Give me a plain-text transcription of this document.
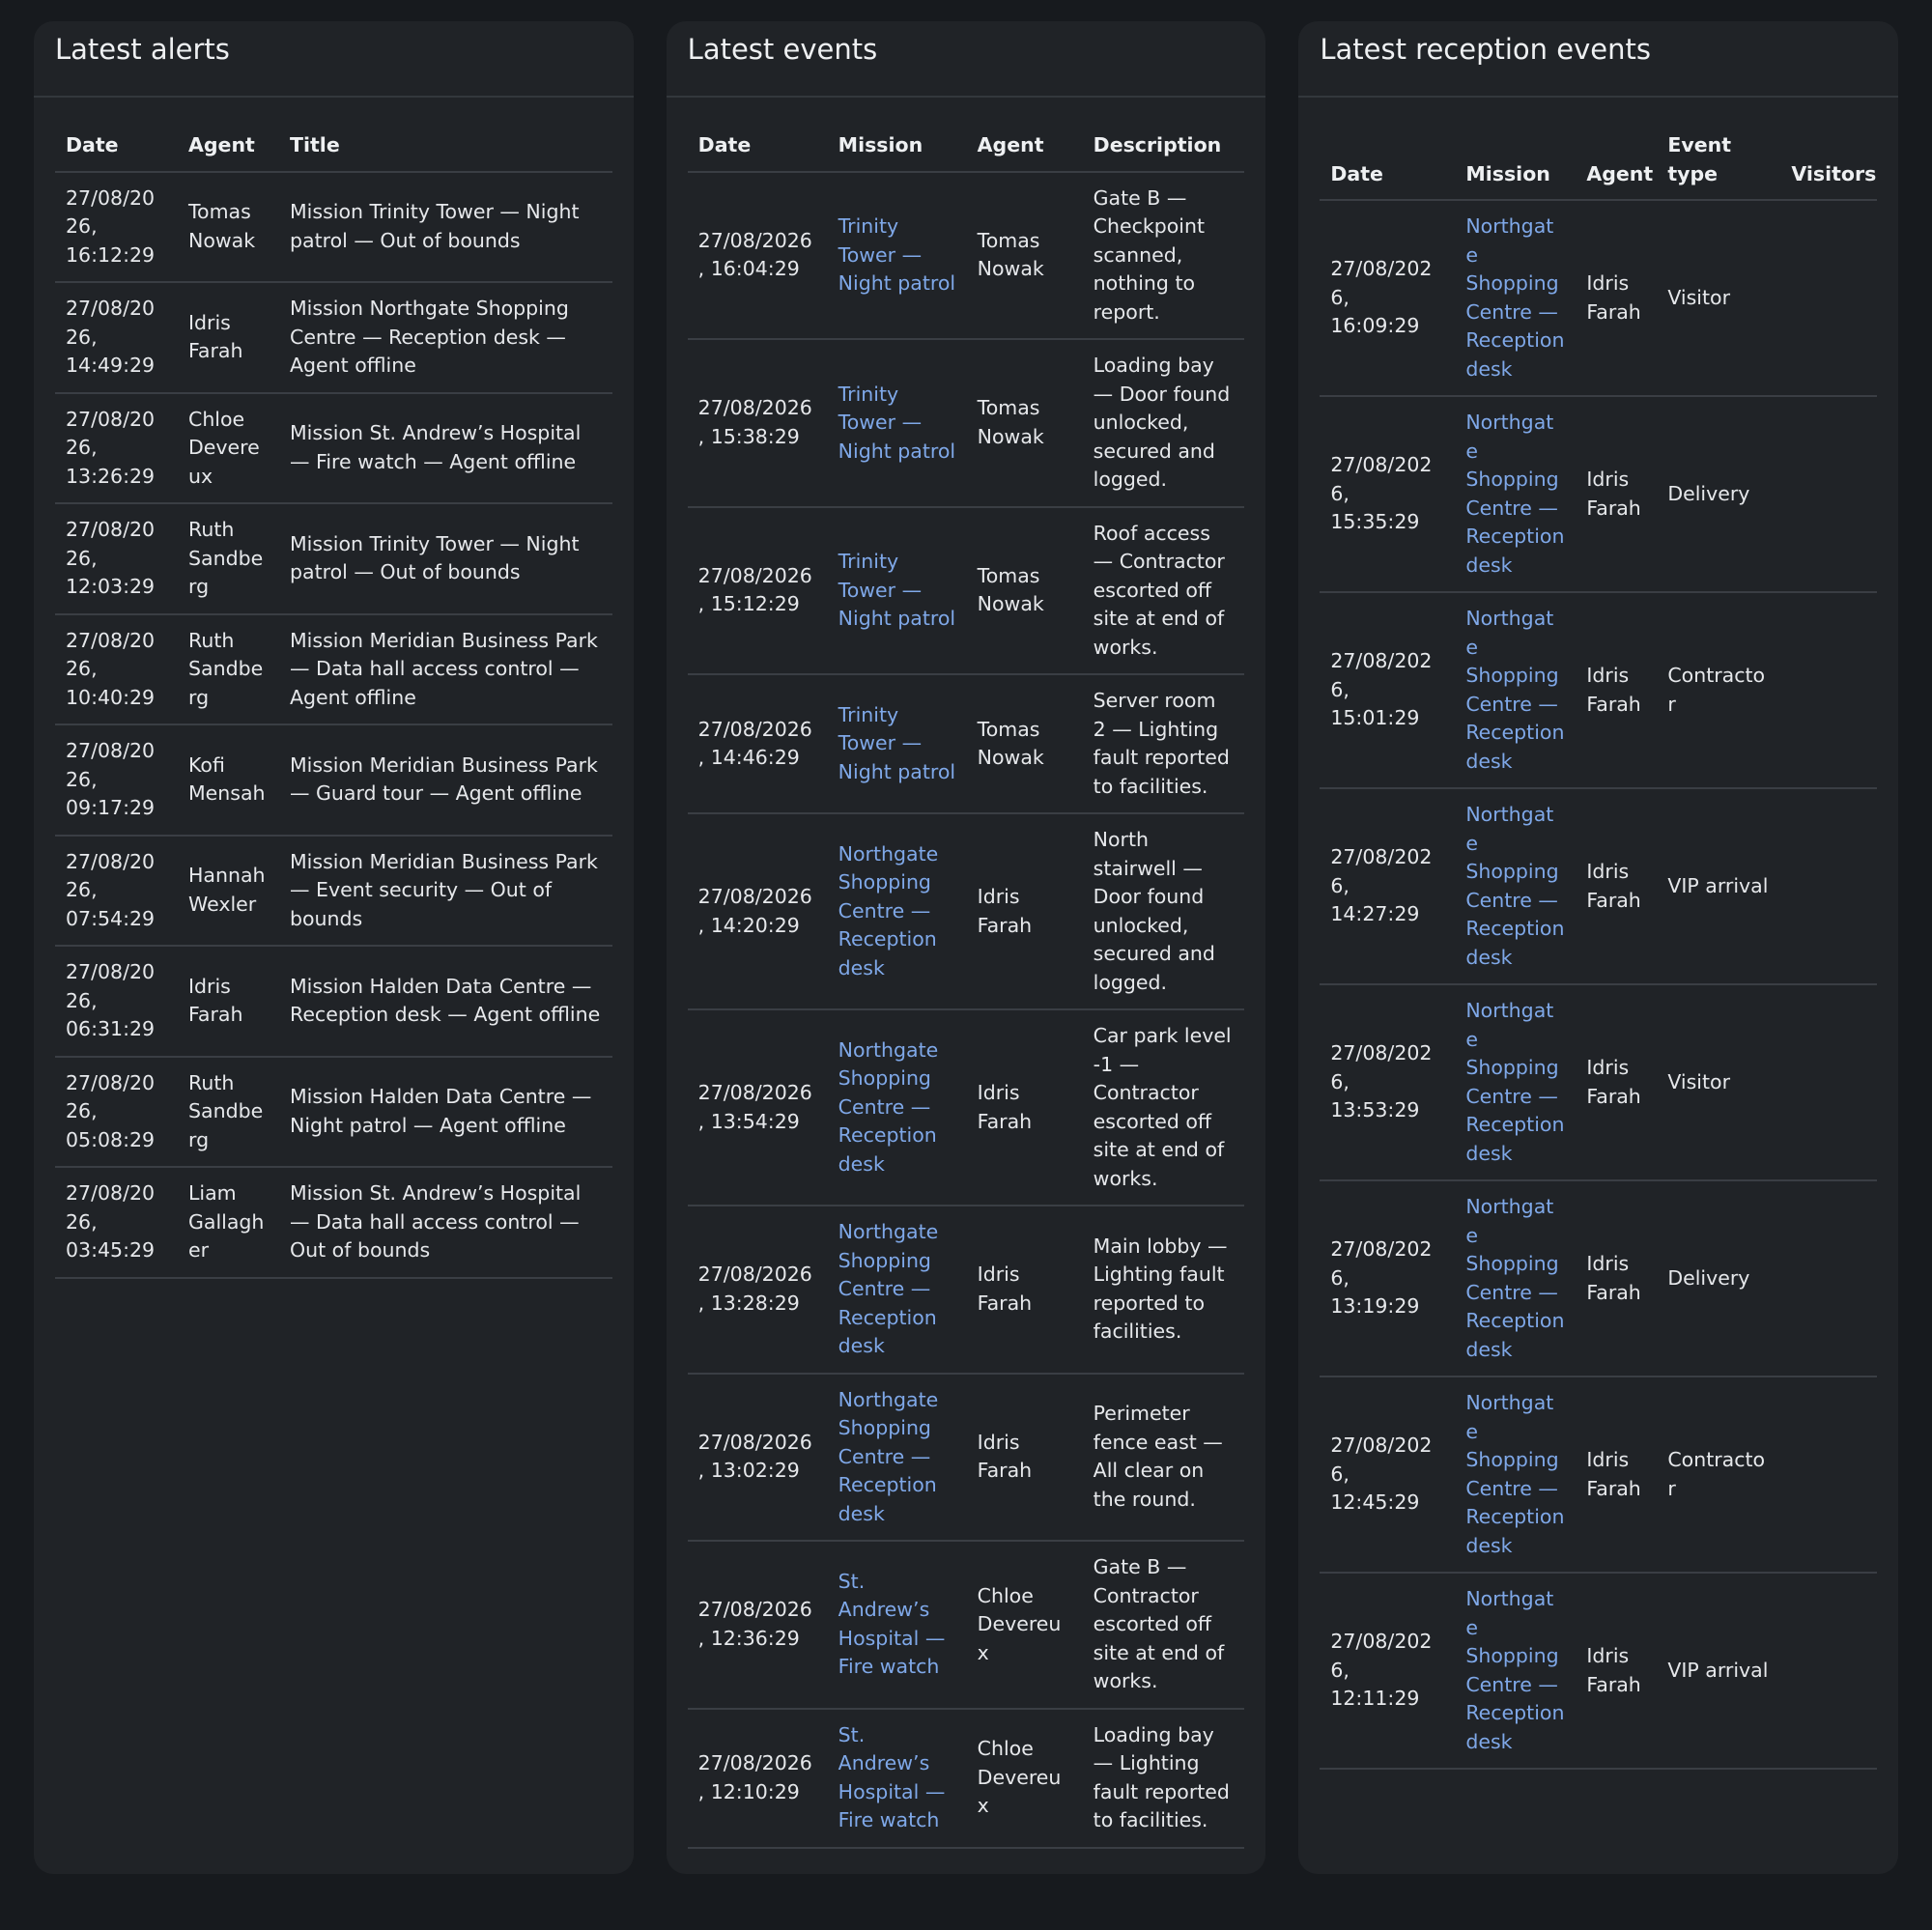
Latest alerts
Date	Agent	Title
27/08/2026, 16:12:29	Tomas Nowak	Mission Trinity Tower — Night patrol — Out of bounds
27/08/2026, 14:49:29	Idris Farah	Mission Northgate Shopping Centre — Reception desk — Agent offline
27/08/2026, 13:26:29	Chloe Devereux	Mission St. Andrew’s Hospital — Fire watch — Agent offline
27/08/2026, 12:03:29	Ruth Sandberg	Mission Trinity Tower — Night patrol — Out of bounds
27/08/2026, 10:40:29	Ruth Sandberg	Mission Meridian Business Park — Data hall access control — Agent offline
27/08/2026, 09:17:29	Kofi Mensah	Mission Meridian Business Park — Guard tour — Agent offline
27/08/2026, 07:54:29	Hannah Wexler	Mission Meridian Business Park — Event security — Out of bounds
27/08/2026, 06:31:29	Idris Farah	Mission Halden Data Centre — Reception desk — Agent offline
27/08/2026, 05:08:29	Ruth Sandberg	Mission Halden Data Centre — Night patrol — Agent offline
27/08/2026, 03:45:29	Liam Gallagher	Mission St. Andrew’s Hospital — Data hall access control — Out of bounds
Latest events
Date	Mission	Agent	Description
27/08/2026, 16:04:29	Trinity Tower — Night patrol	Tomas Nowak	Gate B — Checkpoint scanned, nothing to report.
27/08/2026, 15:38:29	Trinity Tower — Night patrol	Tomas Nowak	Loading bay — Door found unlocked, secured and logged.
27/08/2026, 15:12:29	Trinity Tower — Night patrol	Tomas Nowak	Roof access — Contractor escorted off site at end of works.
27/08/2026, 14:46:29	Trinity Tower — Night patrol	Tomas Nowak	Server room 2 — Lighting fault reported to facilities.
27/08/2026, 14:20:29	Northgate Shopping Centre — Reception desk	Idris Farah	North stairwell — Door found unlocked, secured and logged.
27/08/2026, 13:54:29	Northgate Shopping Centre — Reception desk	Idris Farah	Car park level -1 — Contractor escorted off site at end of works.
27/08/2026, 13:28:29	Northgate Shopping Centre — Reception desk	Idris Farah	Main lobby — Lighting fault reported to facilities.
27/08/2026, 13:02:29	Northgate Shopping Centre — Reception desk	Idris Farah	Perimeter fence east — All clear on the round.
27/08/2026, 12:36:29	St. Andrew’s Hospital — Fire watch	Chloe Devereux	Gate B — Contractor escorted off site at end of works.
27/08/2026, 12:10:29	St. Andrew’s Hospital — Fire watch	Chloe Devereux	Loading bay — Lighting fault reported to facilities.
Latest reception events
Date	Mission	Agent	Event type	Visitors
27/08/2026, 16:09:29	Northgate Shopping Centre — Reception desk	Idris Farah	Visitor	
27/08/2026, 15:35:29	Northgate Shopping Centre — Reception desk	Idris Farah	Delivery	
27/08/2026, 15:01:29	Northgate Shopping Centre — Reception desk	Idris Farah	Contractor	
27/08/2026, 14:27:29	Northgate Shopping Centre — Reception desk	Idris Farah	VIP arrival	
27/08/2026, 13:53:29	Northgate Shopping Centre — Reception desk	Idris Farah	Visitor	
27/08/2026, 13:19:29	Northgate Shopping Centre — Reception desk	Idris Farah	Delivery	
27/08/2026, 12:45:29	Northgate Shopping Centre — Reception desk	Idris Farah	Contractor	
27/08/2026, 12:11:29	Northgate Shopping Centre — Reception desk	Idris Farah	VIP arrival	
